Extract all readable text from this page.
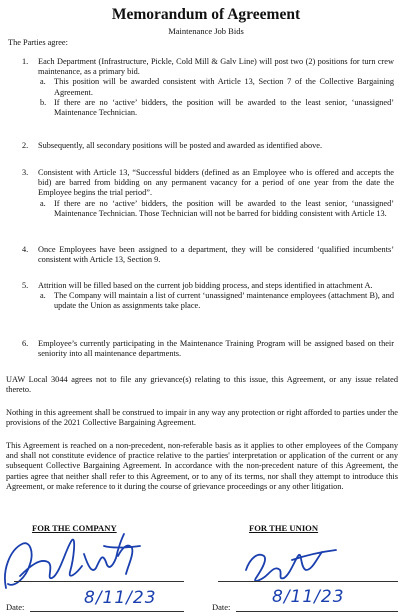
Memorandum of Agreement
Maintenance Job Bids
The Parties agree:
1.	Each Department (Infrastructure, Pickle, Cold Mill & Galv Line) will post two (2) positions for turn crew maintenance, as a primary bid.
a. This position will be awarded consistent with Article 13, Section 7 of the Collective Bargaining Agreement.
b. If there are no ‘active’ bidders, the position will be awarded to the least senior, ‘unassigned’ Maintenance Technician.
2.	Subsequently, all secondary positions will be posted and awarded as identified above.
3.	Consistent with Article 13, “Successful bidders (defined as an Employee who is offered and accepts the bid) are barred from bidding on any permanent vacancy for a period of one year from the date the Employee begins the trial period”.
a. If there are no ‘active’ bidders, the position will be awarded to the least senior, ‘unassigned’ Maintenance Technician. Those Technician will not be barred for bidding consistent with Article 13.
4.	Once Employees have been assigned to a department, they will be considered ‘qualified incumbents’ consistent with Article 13, Section 9.
5.	Attrition will be filled based on the current job bidding process, and steps identified in attachment A.
a. The Company will maintain a list of current ‘unassigned’ maintenance employees (attachment B), and update the Union as assignments take place.
6.	Employee’s currently participating in the Maintenance Training Program will be assigned based on their seniority into all maintenance departments.
UAW Local 3044 agrees not to file any grievance(s) relating to this issue, this Agreement, or any issue related thereto.
Nothing in this agreement shall be construed to impair in any way any protection or right afforded to parties under the provisions of the 2021 Collective Bargaining Agreement.
This Agreement is reached on a non-precedent, non-referable basis as it applies to other employees of the Company and shall not constitute evidence of practice relative to the parties' interpretation or application of the current or any subsequent Collective Bargaining Agreement. In accordance with the non-precedent nature of this Agreement, the parties agree that neither shall refer to this Agreement, or to any of its terms, nor shall they attempt to introduce this Agreement, or make reference to it during the course of grievance proceedings or any other litigation.
FOR THE COMPANY
Date:	8/11/23
FOR THE UNION
Date: 8/11/23
